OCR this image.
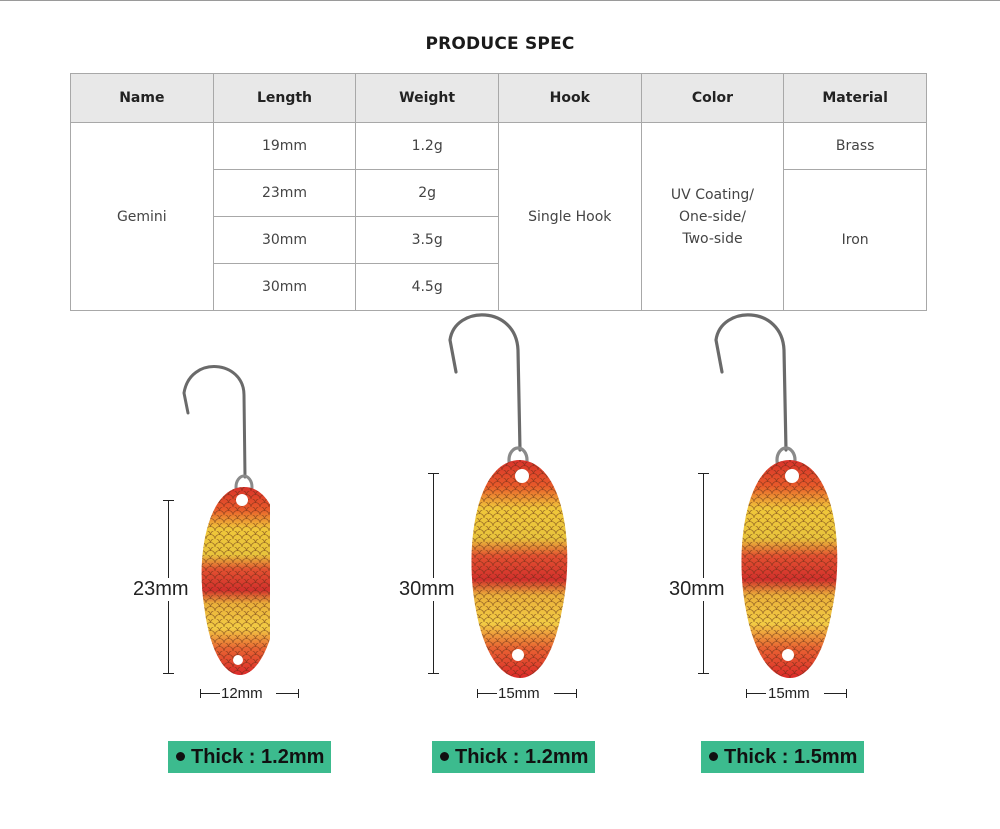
PRODUCE SPEC
Name	Length	Weight	Hook	Color	Material
Gemini	19mm	1.2g	Single Hook	UV Coating/
One-side/
Two-side	Brass
	23mm	2g			Iron
	30mm	3.5g			
	30mm	4.5g			
23mm
12mm
30mm
15mm
30mm
15mm
Thick : 1.2mm	Thick : 1.2mm	Thick : 1.5mm
